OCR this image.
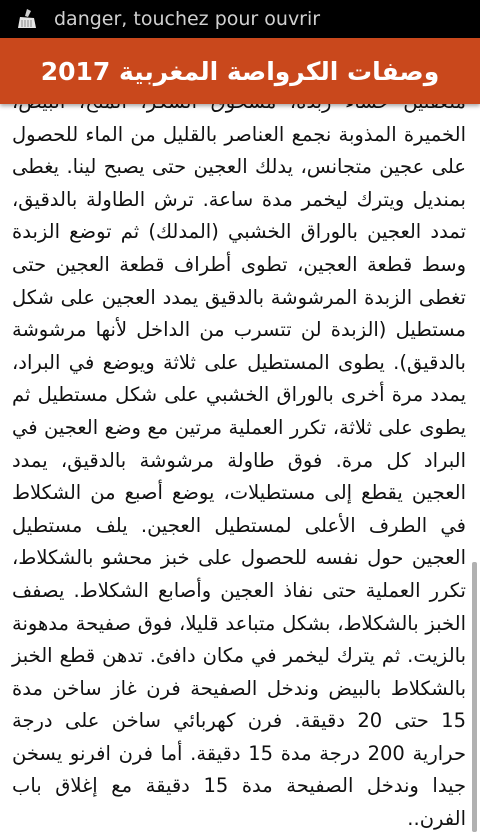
danger, touchez pour ouvrir
وصفات الكرواصة المغربية 2017

الخميرة المذوبة نجمع العناصر بالقليل من الماء للحصول على عجين متجانس، يدلك العجين حتى يصبح لينا. يغطى بمنديل ويترك ليخمر مدة ساعة. ترش الطاولة بالدقيق، تمدد العجين بالوراق الخشبي (المدلك) ثم توضع الزبدة وسط قطعة العجين، تطوى أطراف قطعة العجين حتى تغطى الزبدة المرشوشة بالدقيق يمدد العجين على شكل مستطيل (الزبدة لن تتسرب من الداخل لأنها مرشوشة بالدقيق). يطوى المستطيل على ثلاثة ويوضع في البراد، يمدد مرة أخرى بالوراق الخشبي على شكل مستطيل ثم يطوى على ثلاثة، تكرر العملية مرتين مع وضع العجين في البراد كل مرة. فوق طاولة مرشوشة بالدقيق، يمدد العجين يقطع إلى مستطيلات، يوضع أصبع من الشكلاط في الطرف الأعلى لمستطيل العجين. يلف مستطيل العجين حول نفسه للحصول على خبز محشو بالشكلاط، تكرر العملية حتى نفاذ العجين وأصابع الشكلاط. يصفف الخبز بالشكلاط، بشكل متباعد قليلا، فوق صفيحة مدهونة بالزيت. ثم يترك ليخمر في مكان دافئ. تدهن قطع الخبز بالشكلاط بالبيض وندخل الصفيحة فرن غاز ساخن مدة 15 حتى 20 دقيقة. فرن كهربائي ساخن على درجة حرارية 200 درجة مدة 15 دقيقة. أما فرن افرنو يسخن جيدا وندخل الصفيحة مدة 15 دقيقة مع إغلاق باب الفرن..
